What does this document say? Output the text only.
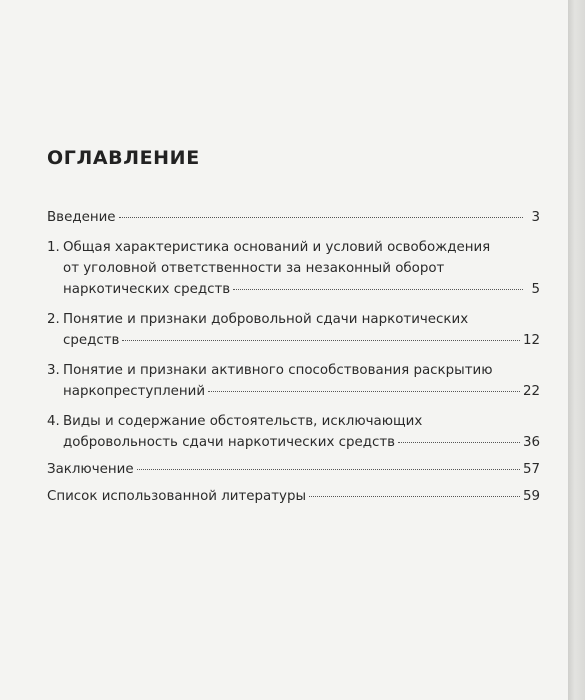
ОГЛАВЛЕНИЕ
Введение	3
1. Общая характеристика оснований и условий освобождения
от уголовной ответственности за незаконный оборот
наркотических средств	5
2. Понятие и признаки добровольной сдачи наркотических
средств	12
3. Понятие и признаки активного способствования раскрытию
наркопреступлений	22
4. Виды и содержание обстоятельств, исключающих
добровольность сдачи наркотических средств	36
Заключение	57
Список использованной литературы	59
